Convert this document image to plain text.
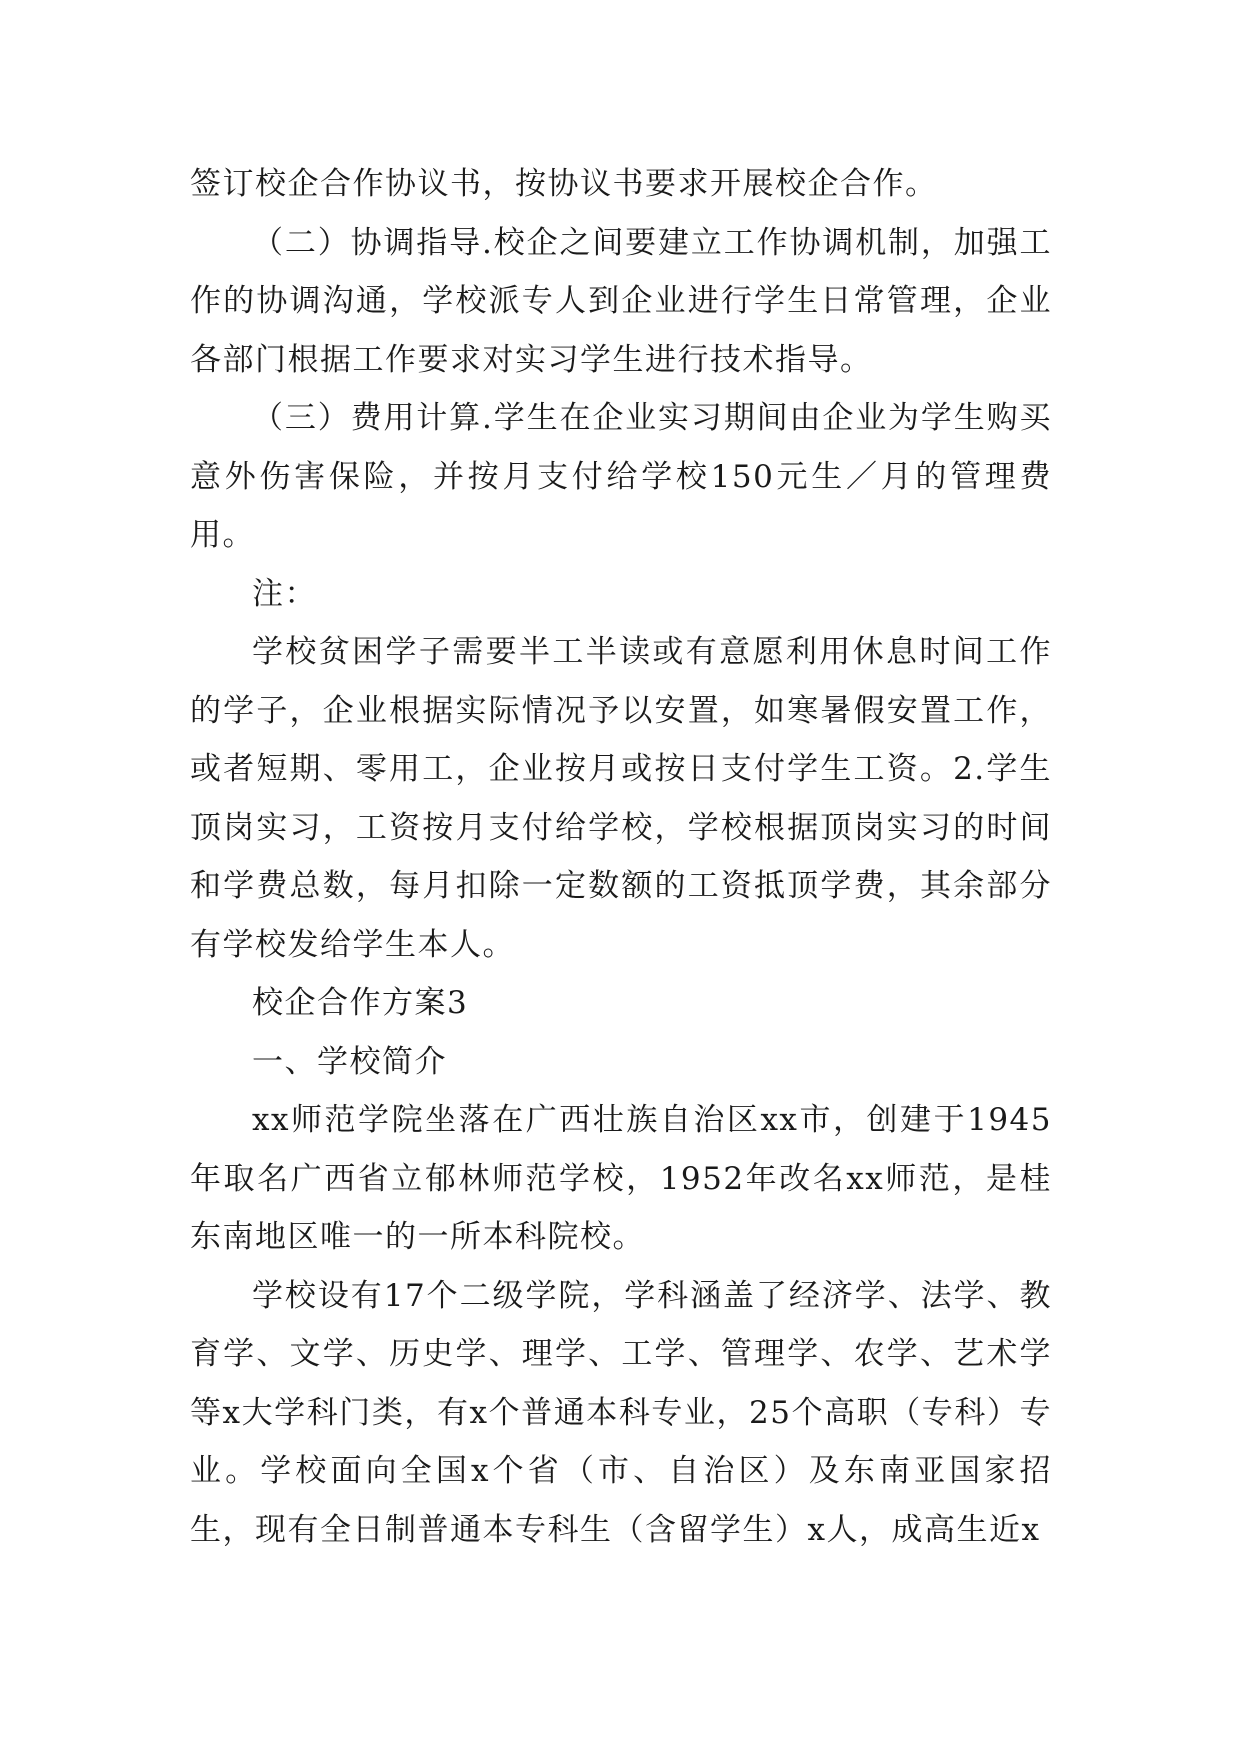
签订校企合作协议书，按协议书要求开展校企合作。

（二）协调指导.校企之间要建立工作协调机制，加强工作的协调沟通，学校派专人到企业进行学生日常管理，企业各部门根据工作要求对实习学生进行技术指导。

（三）费用计算.学生在企业实习期间由企业为学生购买意外伤害保险，并按月支付给学校150元生／月的管理费用。

注：

学校贫困学子需要半工半读或有意愿利用休息时间工作的学子，企业根据实际情况予以安置，如寒暑假安置工作，或者短期、零用工，企业按月或按日支付学生工资。2.学生顶岗实习，工资按月支付给学校，学校根据顶岗实习的时间和学费总数，每月扣除一定数额的工资抵顶学费，其余部分有学校发给学生本人。

校企合作方案3

一、学校简介

xx师范学院坐落在广西壮族自治区xx市，创建于1945年取名广西省立郁林师范学校，1952年改名xx师范，是桂东南地区唯一的一所本科院校。

学校设有17个二级学院，学科涵盖了经济学、法学、教育学、文学、历史学、理学、工学、管理学、农学、艺术学等x大学科门类，有x个普通本科专业，25个高职（专科）专业。学校面向全国x个省（市、自治区）及东南亚国家招生，现有全日制普通本专科生（含留学生）x人，成高生近x
